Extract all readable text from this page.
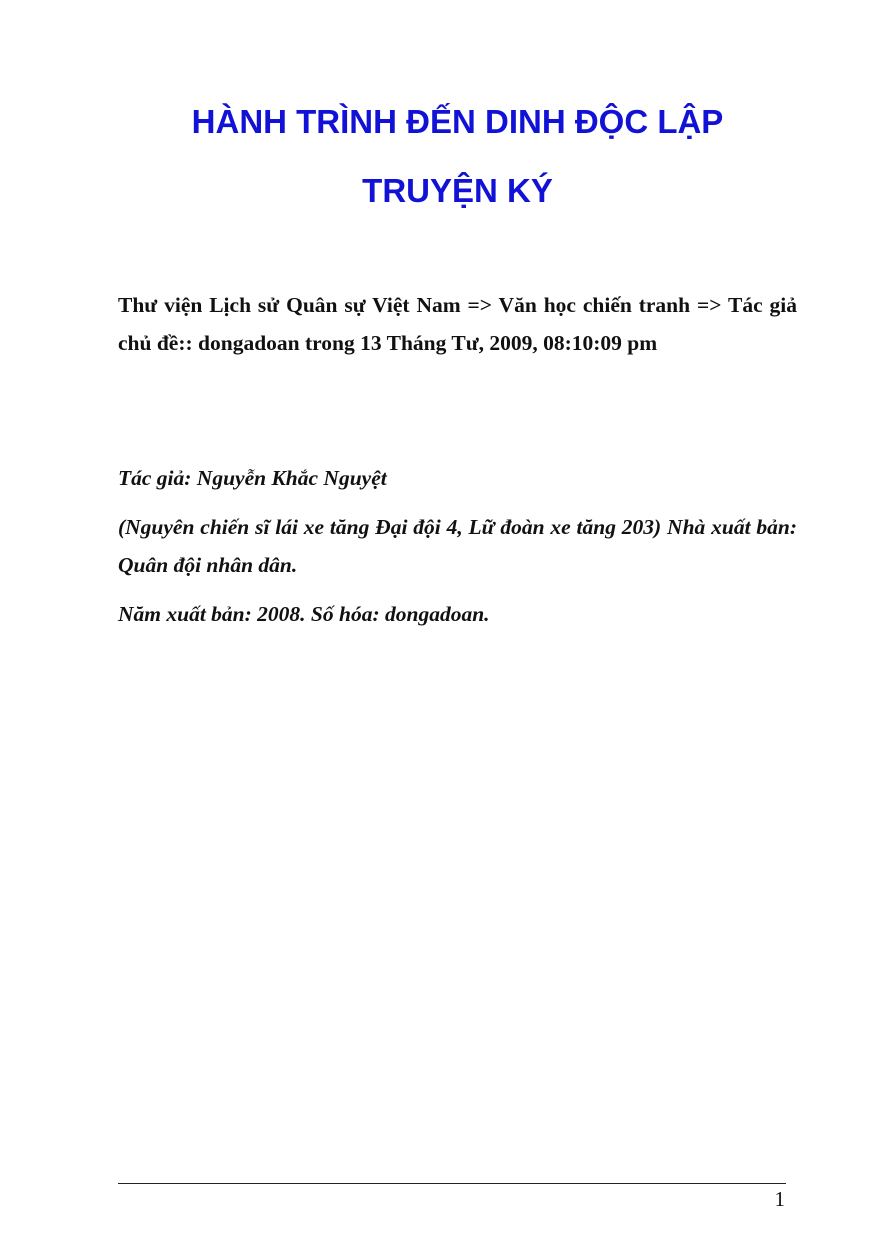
HÀNH TRÌNH ĐẾN DINH ĐỘC LẬP
TRUYỆN KÝ

Thư viện Lịch sử Quân sự Việt Nam => Văn học chiến tranh => Tác giả chủ đề:: dongadoan trong 13 Tháng Tư, 2009, 08:10:09 pm

Tác giả: Nguyễn Khắc Nguyệt

(Nguyên chiến sĩ lái xe tăng Đại đội 4, Lữ đoàn xe tăng 203) Nhà xuất bản: Quân đội nhân dân.

Năm xuất bản: 2008. Số hóa: dongadoan.

1
